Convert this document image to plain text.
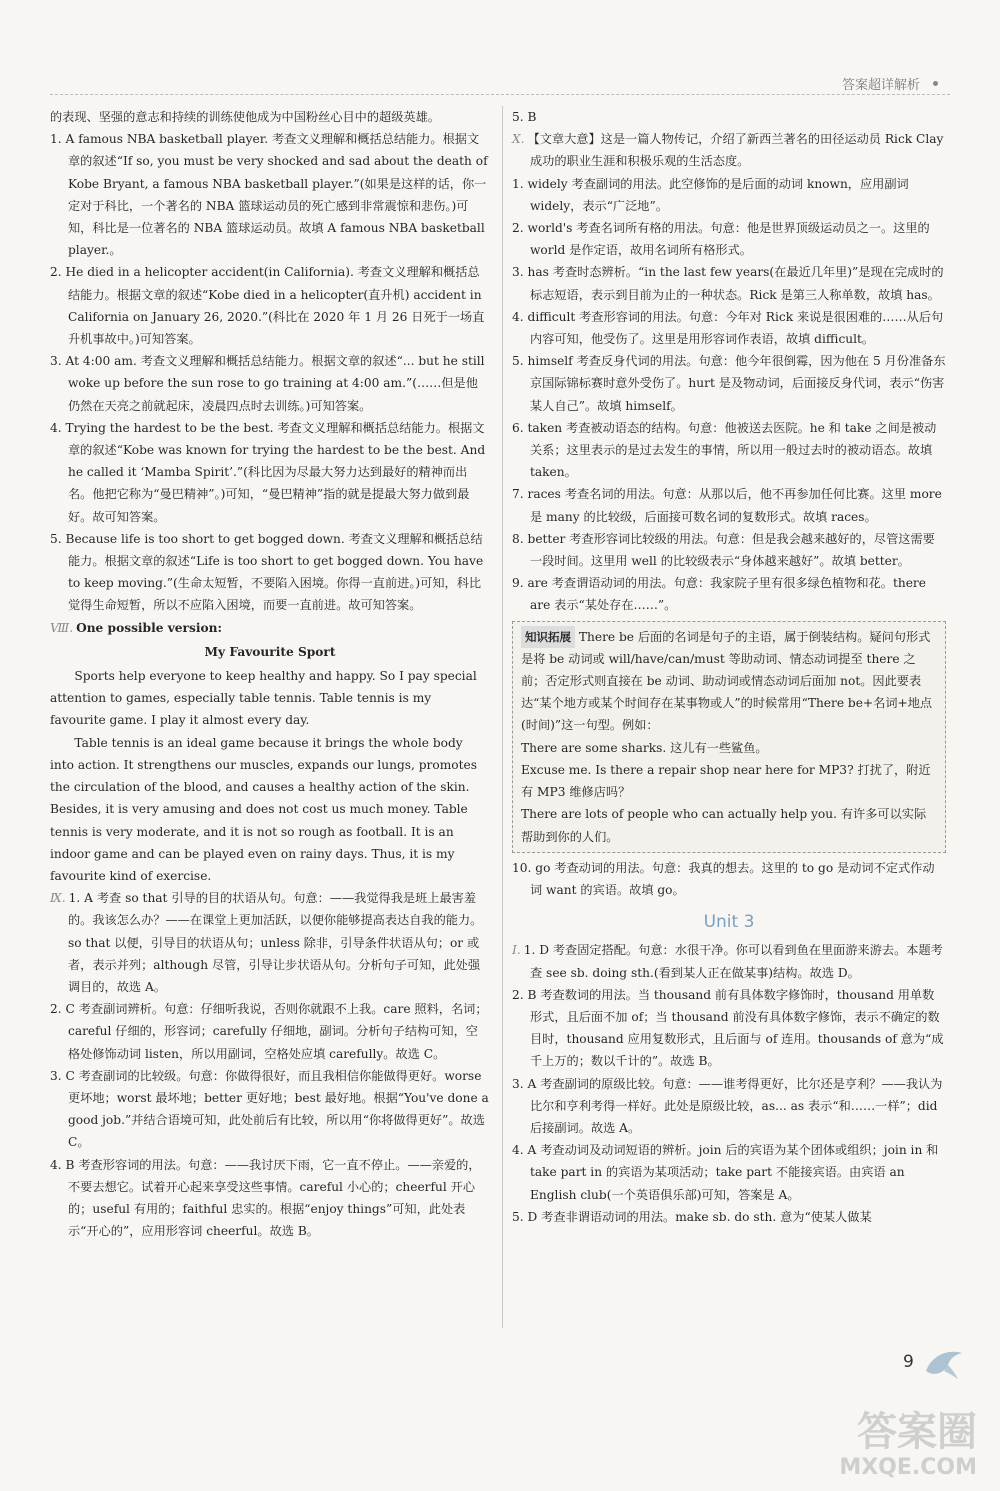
答案超详解析

的表现、坚强的意志和持续的训练使他成为中国粉丝心目中的超级英雄。

1. A famous NBA basketball player. 考查文义理解和概括总结能力。根据文章的叙述“If so, you must be very shocked and sad about the death of Kobe Bryant, a famous NBA basketball player.”(如果是这样的话，你一定对于科比，一个著名的 NBA 篮球运动员的死亡感到非常震惊和悲伤。)可知，科比是一位著名的 NBA 篮球运动员。故填 A famous NBA basketball player.。

2. He died in a helicopter accident(in California). 考查文义理解和概括总结能力。根据文章的叙述“Kobe died in a helicopter(直升机) accident in California on January 26, 2020.”(科比在 2020 年 1 月 26 日死于一场直升机事故中。)可知答案。

3. At 4:00 am. 考查文义理解和概括总结能力。根据文章的叙述“... but he still woke up before the sun rose to go training at 4:00 am.”(……但是他仍然在天亮之前就起床，凌晨四点时去训练。)可知答案。

4. Trying the hardest to be the best. 考查文义理解和概括总结能力。根据文章的叙述“Kobe was known for trying the hardest to be the best. And he called it ‘Mamba Spirit’.”(科比因为尽最大努力达到最好的精神而出名。他把它称为“曼巴精神”。)可知，“曼巴精神”指的就是提最大努力做到最好。故可知答案。

5. Because life is too short to get bogged down. 考查文义理解和概括总结能力。根据文章的叙述“Life is too short to get bogged down. You have to keep moving.”(生命太短暂，不要陷入困境。你得一直前进。)可知，科比觉得生命短暂，所以不应陷入困境，而要一直前进。故可知答案。

Ⅷ. One possible version:

My Favourite Sport

Sports help everyone to keep healthy and happy. So I pay special attention to games, especially table tennis. Table tennis is my favourite game. I play it almost every day.

Table tennis is an ideal game because it brings the whole body into action. It strengthens our muscles, expands our lungs, promotes the circulation of the blood, and causes a healthy action of the skin. Besides, it is very amusing and does not cost us much money. Table tennis is very moderate, and it is not so rough as football. It is an indoor game and can be played even on rainy days. Thus, it is my favourite kind of exercise.

Ⅸ. 1. A 考查 so that 引导的目的状语从句。句意：——我觉得我是班上最害羞的。我该怎么办？——在课堂上更加活跃，以便你能够提高表达自我的能力。so that 以便，引导目的状语从句；unless 除非，引导条件状语从句；or 或者，表示并列；although 尽管，引导让步状语从句。分析句子可知，此处强调目的，故选 A。

2. C 考查副词辨析。句意：仔细听我说，否则你就跟不上我。care 照料，名词；careful 仔细的，形容词；carefully 仔细地，副词。分析句子结构可知，空格处修饰动词 listen，所以用副词，空格处应填 carefully。故选 C。

3. C 考查副词的比较级。句意：你做得很好，而且我相信你能做得更好。worse 更坏地；worst 最坏地；better 更好地；best 最好地。根据“You've done a good job.”并结合语境可知，此处前后有比较，所以用“你将做得更好”。故选 C。

4. B 考查形容词的用法。句意：——我讨厌下雨，它一直不停止。——亲爱的，不要去想它。试着开心起来享受这些事情。careful 小心的；cheerful 开心的；useful 有用的；faithful 忠实的。根据“enjoy things”可知，此处表示“开心的”，应用形容词 cheerful。故选 B。

5. B

Ⅹ. 【文章大意】这是一篇人物传记，介绍了新西兰著名的田径运动员 Rick Clay 成功的职业生涯和积极乐观的生活态度。

1. widely 考查副词的用法。此空修饰的是后面的动词 known，应用副词 widely，表示“广泛地”。

2. world's 考查名词所有格的用法。句意：他是世界顶级运动员之一。这里的 world 是作定语，故用名词所有格形式。

3. has 考查时态辨析。“in the last few years(在最近几年里)”是现在完成时的标志短语，表示到目前为止的一种状态。Rick 是第三人称单数，故填 has。

4. difficult 考查形容词的用法。句意：今年对 Rick 来说是很困难的……从后句内容可知，他受伤了。这里是用形容词作表语，故填 difficult。

5. himself 考查反身代词的用法。句意：他今年很倒霉，因为他在 5 月份准备东京国际锦标赛时意外受伤了。hurt 是及物动词，后面接反身代词，表示“伤害某人自己”。故填 himself。

6. taken 考查被动语态的结构。句意：他被送去医院。he 和 take 之间是被动关系；这里表示的是过去发生的事情，所以用一般过去时的被动语态。故填 taken。

7. races 考查名词的用法。句意：从那以后，他不再参加任何比赛。这里 more 是 many 的比较级，后面接可数名词的复数形式。故填 races。

8. better 考查形容词比较级的用法。句意：但是我会越来越好的，尽管这需要一段时间。这里用 well 的比较级表示“身体越来越好”。故填 better。

9. are 考查谓语动词的用法。句意：我家院子里有很多绿色植物和花。there are 表示“某处存在……”。

知识拓展 There be 后面的名词是句子的主语，属于倒装结构。疑问句形式是将 be 动词或 will/have/can/must 等助动词、情态动词提至 there 之前；否定形式则直接在 be 动词、助动词或情态动词后面加 not。因此要表达“某个地方或某个时间存在某事物或人”的时候常用“There be+名词+地点(时间)”这一句型。例如：

There are some sharks. 这儿有一些鲨鱼。

Excuse me. Is there a repair shop near here for MP3? 打扰了，附近有 MP3 维修店吗？

There are lots of people who can actually help you. 有许多可以实际帮助到你的人们。

10. go 考查动词的用法。句意：我真的想去。这里的 to go 是动词不定式作动词 want 的宾语。故填 go。

Unit 3

Ⅰ. 1. D 考查固定搭配。句意：水很干净。你可以看到鱼在里面游来游去。本题考查 see sb. doing sth.(看到某人正在做某事)结构。故选 D。

2. B 考查数词的用法。当 thousand 前有具体数字修饰时，thousand 用单数形式，且后面不加 of；当 thousand 前没有具体数字修饰，表示不确定的数目时，thousand 应用复数形式，且后面与 of 连用。thousands of 意为“成千上万的；数以千计的”。故选 B。

3. A 考查副词的原级比较。句意：——谁考得更好，比尔还是亨利？——我认为比尔和亨利考得一样好。此处是原级比较，as... as 表示“和……一样”；did 后接副词。故选 A。

4. A 考查动词及动词短语的辨析。join 后的宾语为某个团体或组织；join in 和 take part in 的宾语为某项活动；take part 不能接宾语。由宾语 an English club(一个英语俱乐部)可知，答案是 A。

5. D 考查非谓语动词的用法。make sb. do sth. 意为“使某人做某

9
答案圈
MXQE.COM
